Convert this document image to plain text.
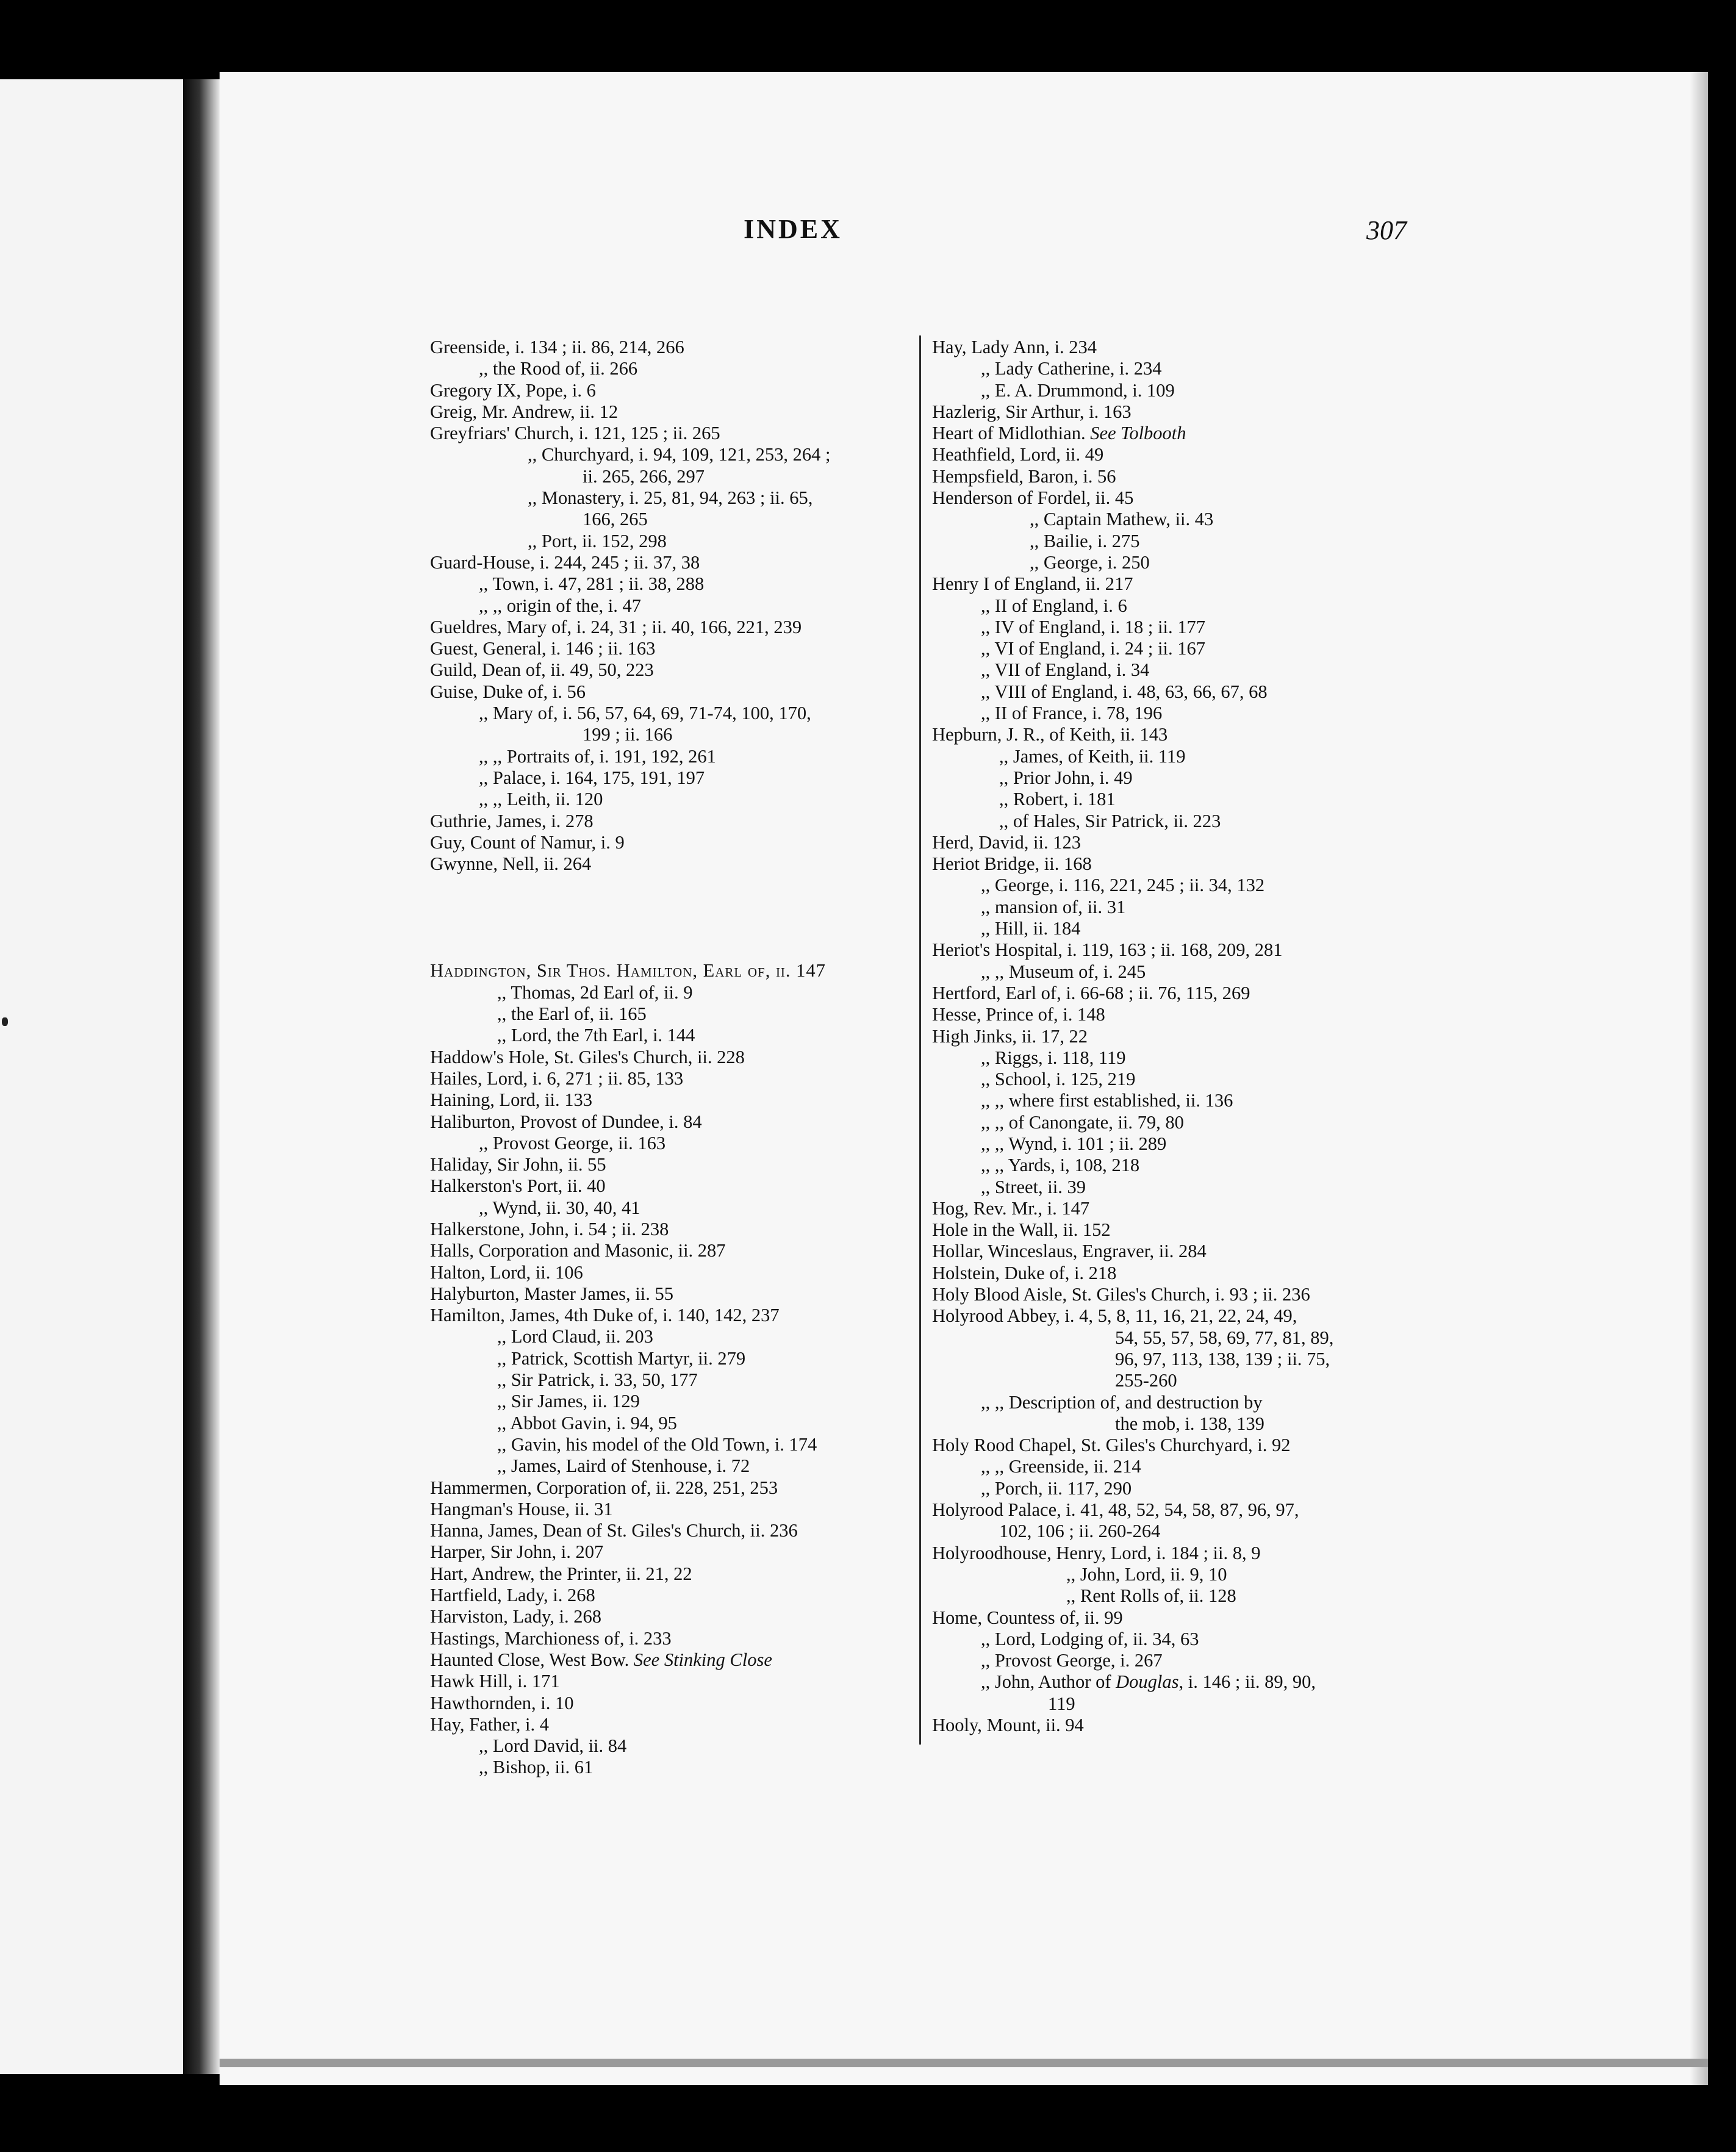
INDEX	307
Greenside, i. 134 ; ii. 86, 214, 266
,, the Rood of, ii. 266
Gregory IX, Pope, i. 6
Greig, Mr. Andrew, ii. 12
Greyfriars' Church, i. 121, 125 ; ii. 265
,, Churchyard, i. 94, 109, 121, 253, 264 ;
ii. 265, 266, 297
,, Monastery, i. 25, 81, 94, 263 ; ii. 65,
166, 265
,, Port, ii. 152, 298
Guard-House, i. 244, 245 ; ii. 37, 38
,, Town, i. 47, 281 ; ii. 38, 288
,, ,, origin of the, i. 47
Gueldres, Mary of, i. 24, 31 ; ii. 40, 166, 221, 239
Guest, General, i. 146 ; ii. 163
Guild, Dean of, ii. 49, 50, 223
Guise, Duke of, i. 56
,, Mary of, i. 56, 57, 64, 69, 71-74, 100, 170,
199 ; ii. 166
,, ,, Portraits of, i. 191, 192, 261
,, Palace, i. 164, 175, 191, 197
,, ,, Leith, ii. 120
Guthrie, James, i. 278
Guy, Count of Namur, i. 9
Gwynne, Nell, ii. 264
Haddington, Sir Thos. Hamilton, Earl of, ii. 147
,, Thomas, 2d Earl of, ii. 9
,, the Earl of, ii. 165
,, Lord, the 7th Earl, i. 144
Haddow's Hole, St. Giles's Church, ii. 228
Hailes, Lord, i. 6, 271 ; ii. 85, 133
Haining, Lord, ii. 133
Haliburton, Provost of Dundee, i. 84
,, Provost George, ii. 163
Haliday, Sir John, ii. 55
Halkerston's Port, ii. 40
,, Wynd, ii. 30, 40, 41
Halkerstone, John, i. 54 ; ii. 238
Halls, Corporation and Masonic, ii. 287
Halton, Lord, ii. 106
Halyburton, Master James, ii. 55
Hamilton, James, 4th Duke of, i. 140, 142, 237
,, Lord Claud, ii. 203
,, Patrick, Scottish Martyr, ii. 279
,, Sir Patrick, i. 33, 50, 177
,, Sir James, ii. 129
,, Abbot Gavin, i. 94, 95
,, Gavin, his model of the Old Town, i. 174
,, James, Laird of Stenhouse, i. 72
Hammermen, Corporation of, ii. 228, 251, 253
Hangman's House, ii. 31
Hanna, James, Dean of St. Giles's Church, ii. 236
Harper, Sir John, i. 207
Hart, Andrew, the Printer, ii. 21, 22
Hartfield, Lady, i. 268
Harviston, Lady, i. 268
Hastings, Marchioness of, i. 233
Haunted Close, West Bow. See Stinking Close
Hawk Hill, i. 171
Hawthornden, i. 10
Hay, Father, i. 4
,, Lord David, ii. 84
,, Bishop, ii. 61
Hay, Lady Ann, i. 234
,, Lady Catherine, i. 234
,, E. A. Drummond, i. 109
Hazlerig, Sir Arthur, i. 163
Heart of Midlothian. See Tolbooth
Heathfield, Lord, ii. 49
Hempsfield, Baron, i. 56
Henderson of Fordel, ii. 45
,, Captain Mathew, ii. 43
,, Bailie, i. 275
,, George, i. 250
Henry I of England, ii. 217
,, II of England, i. 6
,, IV of England, i. 18 ; ii. 177
,, VI of England, i. 24 ; ii. 167
,, VII of England, i. 34
,, VIII of England, i. 48, 63, 66, 67, 68
,, II of France, i. 78, 196
Hepburn, J. R., of Keith, ii. 143
,, James, of Keith, ii. 119
,, Prior John, i. 49
,, Robert, i. 181
,, of Hales, Sir Patrick, ii. 223
Herd, David, ii. 123
Heriot Bridge, ii. 168
,, George, i. 116, 221, 245 ; ii. 34, 132
,, mansion of, ii. 31
,, Hill, ii. 184
Heriot's Hospital, i. 119, 163 ; ii. 168, 209, 281
,, ,, Museum of, i. 245
Hertford, Earl of, i. 66-68 ; ii. 76, 115, 269
Hesse, Prince of, i. 148
High Jinks, ii. 17, 22
,, Riggs, i. 118, 119
,, School, i. 125, 219
,, ,, where first established, ii. 136
,, ,, of Canongate, ii. 79, 80
,, ,, Wynd, i. 101 ; ii. 289
,, ,, Yards, i, 108, 218
,, Street, ii. 39
Hog, Rev. Mr., i. 147
Hole in the Wall, ii. 152
Hollar, Winceslaus, Engraver, ii. 284
Holstein, Duke of, i. 218
Holy Blood Aisle, St. Giles's Church, i. 93 ; ii. 236
Holyrood Abbey, i. 4, 5, 8, 11, 16, 21, 22, 24, 49,
54, 55, 57, 58, 69, 77, 81, 89,
96, 97, 113, 138, 139 ; ii. 75,
255-260
,, ,, Description of, and destruction by
the mob, i. 138, 139
Holy Rood Chapel, St. Giles's Churchyard, i. 92
,, ,, Greenside, ii. 214
,, Porch, ii. 117, 290
Holyrood Palace, i. 41, 48, 52, 54, 58, 87, 96, 97,
102, 106 ; ii. 260-264
Holyroodhouse, Henry, Lord, i. 184 ; ii. 8, 9
,, John, Lord, ii. 9, 10
,, Rent Rolls of, ii. 128
Home, Countess of, ii. 99
,, Lord, Lodging of, ii. 34, 63
,, Provost George, i. 267
,, John, Author of Douglas, i. 146 ; ii. 89, 90,
119
Hooly, Mount, ii. 94
